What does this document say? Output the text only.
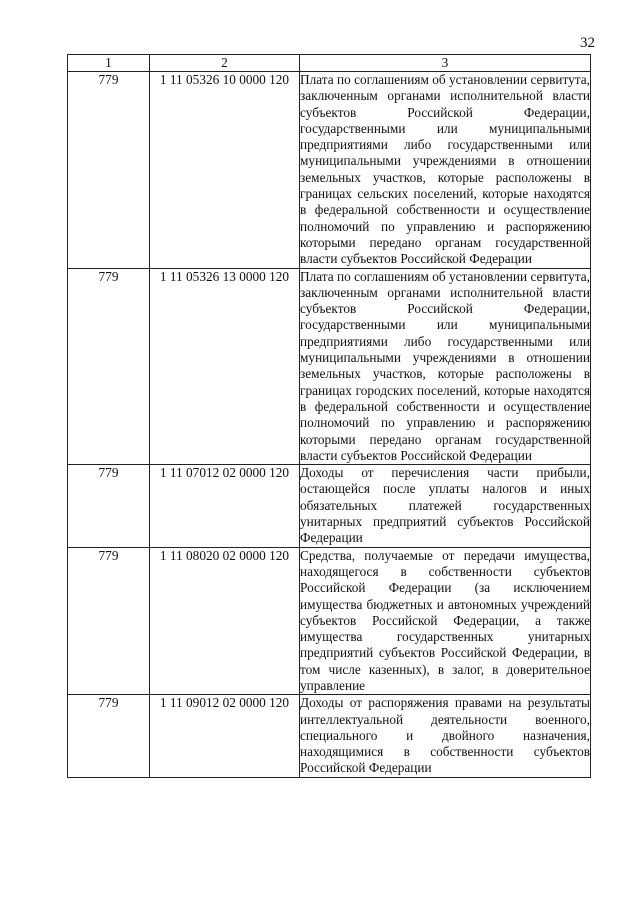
32
1	2	3
779	1 11 05326 10 0000 120	Плата по соглашениям об установлении сервитута, заключенным органами исполнительной власти субъектов Российской Федерации, государственными или муниципальными предприятиями либо государственными или муниципальными учреждениями в отношении земельных участков, которые расположены в границах сельских поселений, которые находятся в федеральной собственности и осуществление полномочий по управлению и распоряжению которыми передано органам государственной власти субъектов Российской Федерации
779	1 11 05326 13 0000 120	Плата по соглашениям об установлении сервитута, заключенным органами исполнительной власти субъектов Российской Федерации, государственными или муниципальными предприятиями либо государственными или муниципальными учреждениями в отношении земельных участков, которые расположены в границах городских поселений, которые находятся в федеральной собственности и осуществление полномочий по управлению и распоряжению которыми передано органам государственной власти субъектов Российской Федерации
779	1 11 07012 02 0000 120	Доходы от перечисления части прибыли, остающейся после уплаты налогов и иных обязательных платежей государственных унитарных предприятий субъектов Российской Федерации
779	1 11 08020 02 0000 120	Средства, получаемые от передачи имущества, находящегося в собственности субъектов Российской Федерации (за исключением имущества бюджетных и автономных учреждений субъектов Российской Федерации, а также имущества государственных унитарных предприятий субъектов Российской Федерации, в том числе казенных), в залог, в доверительное управление
779	1 11 09012 02 0000 120	Доходы от распоряжения правами на результаты интеллектуальной деятельности военного, специального и двойного назначения, находящимися в собственности субъектов Российской Федерации
